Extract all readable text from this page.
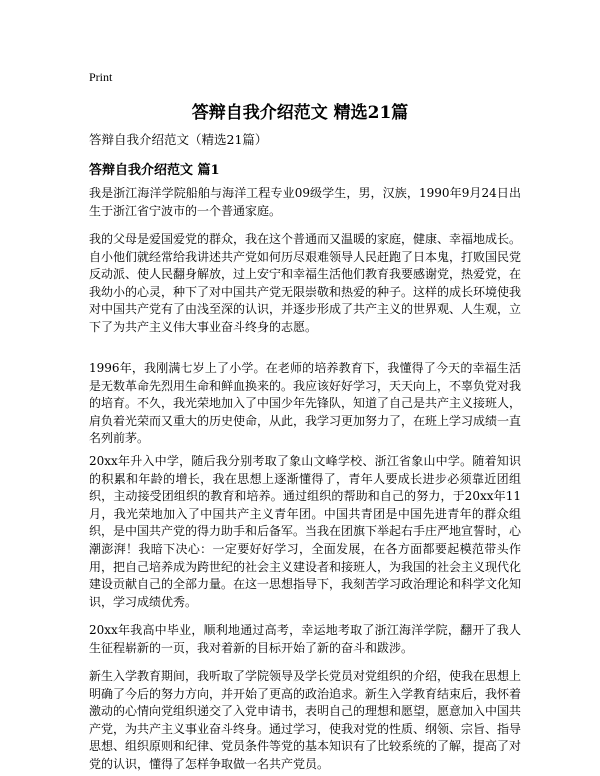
Print
答辩自我介绍范文 精选21篇
答辩自我介绍范文（精选21篇）
答辩自我介绍范文 篇1

我是浙江海洋学院船舶与海洋工程专业09级学生，男，汉族，1990年9月24日出生于浙江省宁波市的一个普通家庭。

我的父母是爱国爱党的群众，我在这个普通而又温暖的家庭，健康、幸福地成长。自小他们就经常给我讲述共产党如何历尽艰难领导人民赶跑了日本鬼，打败国民党反动派、使人民翻身解放，过上安宁和幸福生活他们教育我要感谢党，热爱党，在我幼小的心灵，种下了对中国共产党无限崇敬和热爱的种子。这样的成长环境使我对中国共产党有了由浅至深的认识，并逐步形成了共产主义的世界观、人生观，立下了为共产主义伟大事业奋斗终身的志愿。

1996年，我刚满七岁上了小学。在老师的培养教育下，我懂得了今天的幸福生活是无数革命先烈用生命和鲜血换来的。我应该好好学习，天天向上，不辜负党对我的培育。不久，我光荣地加入了中国少年先锋队，知道了自己是共产主义接班人，肩负着光荣而又重大的历史使命，从此，我学习更加努力了，在班上学习成绩一直名列前茅。

20xx年升入中学，随后我分别考取了象山文峰学校、浙江省象山中学。随着知识的积累和年龄的增长，我在思想上逐渐懂得了，青年人要成长进步必须靠近团组织，主动接受团组织的教育和培养。通过组织的帮助和自己的努力，于20xx年11月，我光荣地加入了中国共产主义青年团。中国共青团是中国先进青年的群众组织，是中国共产党的得力助手和后备军。当我在团旗下举起右手庄严地宣誓时，心潮澎湃！我暗下决心：一定要好好学习，全面发展，在各方面都要起模范带头作用，把自己培养成为跨世纪的社会主义建设者和接班人，为我国的社会主义现代化建设贡献自己的全部力量。在这一思想指导下，我刻苦学习政治理论和科学文化知识，学习成绩优秀。

20xx年我高中毕业，顺利地通过高考，幸运地考取了浙江海洋学院，翻开了我人生征程崭新的一页，我对着新的目标开始了新的奋斗和跋涉。

新生入学教育期间，我听取了学院领导及学长党员对党组织的介绍，使我在思想上明确了今后的努力方向，并开始了更高的政治追求。新生入学教育结束后，我怀着激动的心情向党组织递交了入党申请书，表明自己的理想和愿望，愿意加入中国共产党，为共产主义事业奋斗终身。通过学习，使我对党的性质、纲领、宗旨、指导思想、组织原则和纪律、党员条件等党的基本知识有了比较系统的了解，提高了对党的认识，懂得了怎样争取做一名共产党员。
